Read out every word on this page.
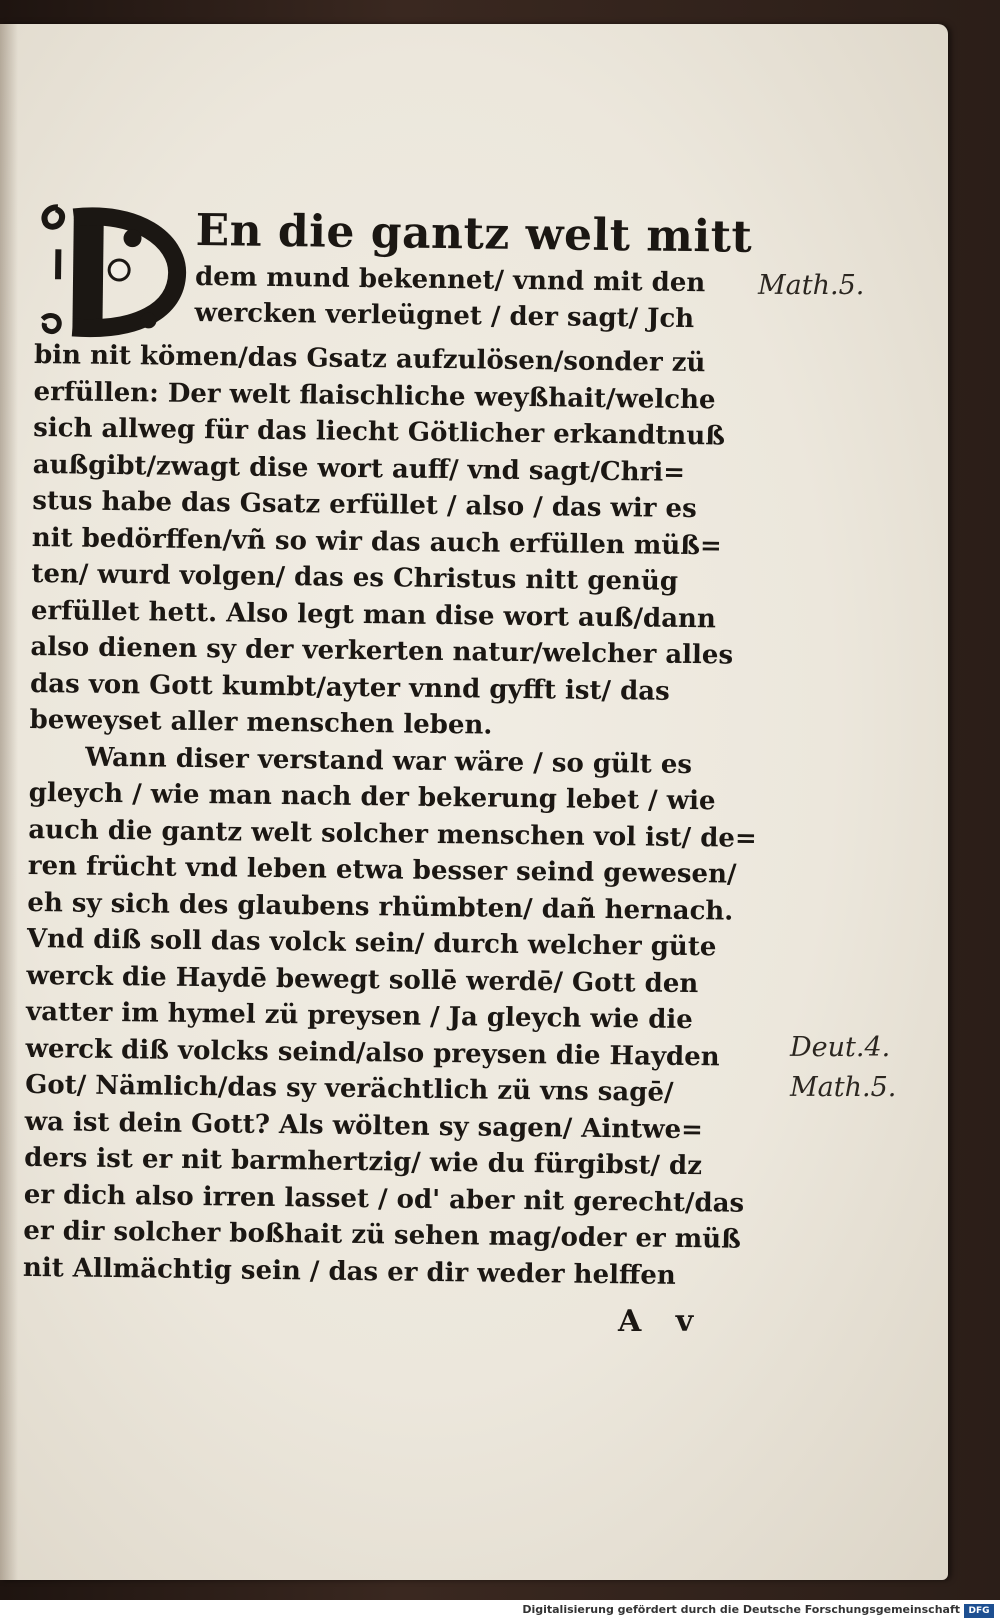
En die gantz welt mitt
dem mund bekennet/ vnnd mit den
wercken verleügnet / der sagt/ Jch

bin nit kömen/das Gsatz aufzulösen/sonder zü

erfüllen: Der welt flaischliche weyßhait/welche

sich allweg für das liecht Götlicher erkandtnuß

außgibt/zwagt dise wort auff/ vnd sagt/Chri=

stus habe das Gsatz erfüllet / also / das wir es

nit bedörffen/vñ so wir das auch erfüllen müß=

ten/ wurd volgen/ das es Christus nitt genüg

erfüllet hett. Also legt man dise wort auß/dann

also dienen sy der verkerten natur/welcher alles

das von Gott kumbt/ayter vnnd gyfft ist/ das

beweyset aller menschen leben.

Wann diser verstand war wäre / so gült es

gleych / wie man nach der bekerung lebet / wie

auch die gantz welt solcher menschen vol ist/ de=

ren frücht vnd leben etwa besser seind gewesen/

eh sy sich des glaubens rhümbten/ dañ hernach.

Vnd diß soll das volck sein/ durch welcher güte

werck die Haydē bewegt sollē werdē/ Gott den

vatter im hymel zü preysen / Ja gleych wie die

werck diß volcks seind/also preysen die Hayden

Got/ Nämlich/das sy verächtlich zü vns sagē/

wa ist dein Gott? Als wölten sy sagen/ Aintwe=

ders ist er nit barmhertzig/ wie du fürgibst/ dz

er dich also irren lasset / od' aber nit gerecht/das

er dir solcher boßhait zü sehen mag/oder er müß

nit Allmächtig sein / das er dir weder helffen

Math.5.
Deut.4.
Math.5.
A v
Digitalisierung gefördert durch die Deutsche Forschungsgemeinschaft DFG
